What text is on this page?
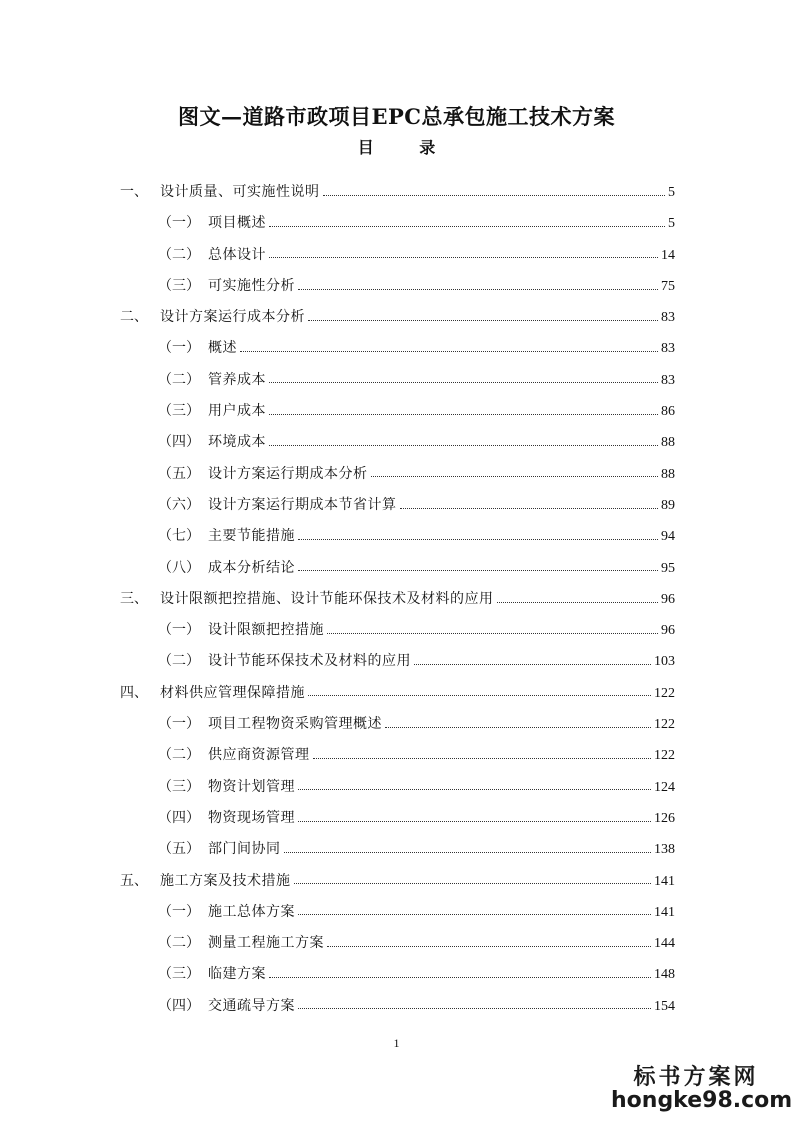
图文—道路市政项目EPC总承包施工技术方案
目 录
一、 设计质量、可实施性说明	5
（一） 项目概述	5
（二） 总体设计	14
（三） 可实施性分析	75
二、 设计方案运行成本分析	83
（一） 概述	83
（二） 管养成本	83
（三） 用户成本	86
（四） 环境成本	88
（五） 设计方案运行期成本分析	88
（六） 设计方案运行期成本节省计算	89
（七） 主要节能措施	94
（八） 成本分析结论	95
三、 设计限额把控措施、设计节能环保技术及材料的应用	96
（一） 设计限额把控措施	96
（二） 设计节能环保技术及材料的应用	103
四、 材料供应管理保障措施	122
（一） 项目工程物资采购管理概述	122
（二） 供应商资源管理	122
（三） 物资计划管理	124
（四） 物资现场管理	126
（五） 部门间协同	138
五、 施工方案及技术措施	141
（一） 施工总体方案	141
（二） 测量工程施工方案	144
（三） 临建方案	148
（四） 交通疏导方案	154
1
标书方案网
hongke98.com
